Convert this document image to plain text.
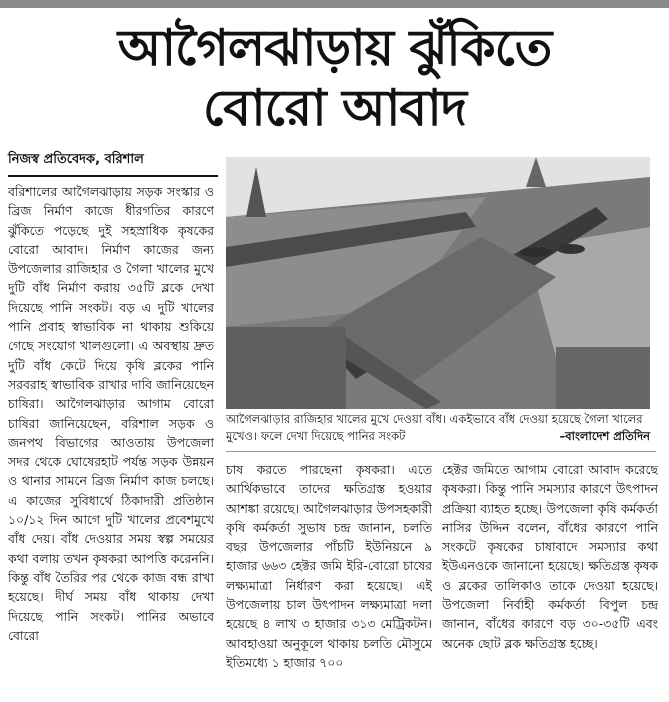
আগৈলঝাড়ায় ঝুঁকিতে
বোরো আবাদ
নিজস্ব প্রতিবেদক, বরিশাল

বরিশালের আগৈলঝাড়ায় সড়ক সংস্কার ও ব্রিজ নির্মাণ কাজে ধীরগতির কারণে ঝুঁকিতে পড়েছে দুই সহস্রাধিক কৃষকের বোরো আবাদ। নির্মাণ কাজের জন্য উপজেলার রাজিহার ও গৈলা খালের মুখে দুটি বাঁধ নির্মাণ করায় ৩৫টি ব্লকে দেখা দিয়েছে পানি সংকট। বড় এ দুটি খালের পানি প্রবাহ স্বাভাবিক না থাকায় শুকিয়ে গেছে সংযোগ খালগুলো। এ অবস্থায় দ্রুত দুটি বাঁধ কেটে দিয়ে কৃষি ব্লকের পানি সরবরাহ স্বাভাবিক রাখার দাবি জানিয়েছেন চাষিরা। আগৈলঝাড়ার আগাম বোরো চাষিরা জানিয়েছেন, বরিশাল সড়ক ও জনপথ বিভাগের আওতায় উপজেলা সদর থেকে ঘোষেরহাট পর্যন্ত সড়ক উন্নয়ন ও থানার সামনে ব্রিজ নির্মাণ কাজ চলছে। এ কাজের সুবিধার্থে ঠিকাদারী প্রতিষ্ঠান ১০/১২ দিন আগে দুটি খালের প্রবেশমুখে বাঁধ দেয়। বাঁধ দেওয়ার সময় স্বল্প সময়ের কথা বলায় তখন কৃষকরা আপত্তি করেননি। কিন্তু বাঁধ তৈরির পর থেকে কাজ বন্ধ রাখা হয়েছে। দীর্ঘ সময় বাঁধ থাকায় দেখা দিয়েছে পানি সংকট। পানির অভাবে বোরো

আগৈলঝাড়ার রাজিহার খালের মুখে দেওয়া বাঁধ। একইভাবে বাঁধ দেওয়া হয়েছে গৈলা খালের মুখেও। ফলে দেখা দিয়েছে পানির সংকট	–বাংলাদেশ প্রতিদিন

চাষ করতে পারছেনা কৃষকরা। এতে আর্থিকভাবে তাদের ক্ষতিগ্রস্ত হওয়ার আশঙ্কা রয়েছে। আগৈলঝাড়ার উপসহকারী কৃষি কর্মকর্তা সুভাষ চন্দ্র জানান, চলতি বছর উপজেলার পাঁচটি ইউনিয়নে ৯ হাজার ৬৬৩ হেক্টর জমি ইরি-বোরো চাষের লক্ষ্যমাত্রা নির্ধারণ করা হয়েছে। এই উপজেলায় চাল উৎপাদন লক্ষ্যমাত্রা দলা হয়েছে ৪ লাখ ৩ হাজার ৩১৩ মেট্রিকটন। আবহাওয়া অনুকূলে থাকায় চলতি মৌসুমে ইতিমধ্যে ১ হাজার ৭০০

হেক্টর জমিতে আগাম বোরো আবাদ করেছে কৃষকরা। কিন্তু পানি সমস্যার কারণে উৎপাদন প্রক্রিয়া ব্যাহত হচ্ছে। উপজেলা কৃষি কর্মকর্তা নাসির উদ্দিন বলেন, বাঁধের কারণে পানি সংকটে কৃষকের চাষাবাদে সমস্যার কথা ইউএনওকে জানানো হয়েছে। ক্ষতিগ্রস্ত কৃষক ও ব্লকের তালিকাও তাকে দেওয়া হয়েছে। উপজেলা নির্বাহী কর্মকর্তা বিপুল চন্দ্র জানান, বাঁধের কারণে বড় ৩০-৩৫টি এবং অনেক ছোট ব্লক ক্ষতিগ্রস্ত হচ্ছে।
